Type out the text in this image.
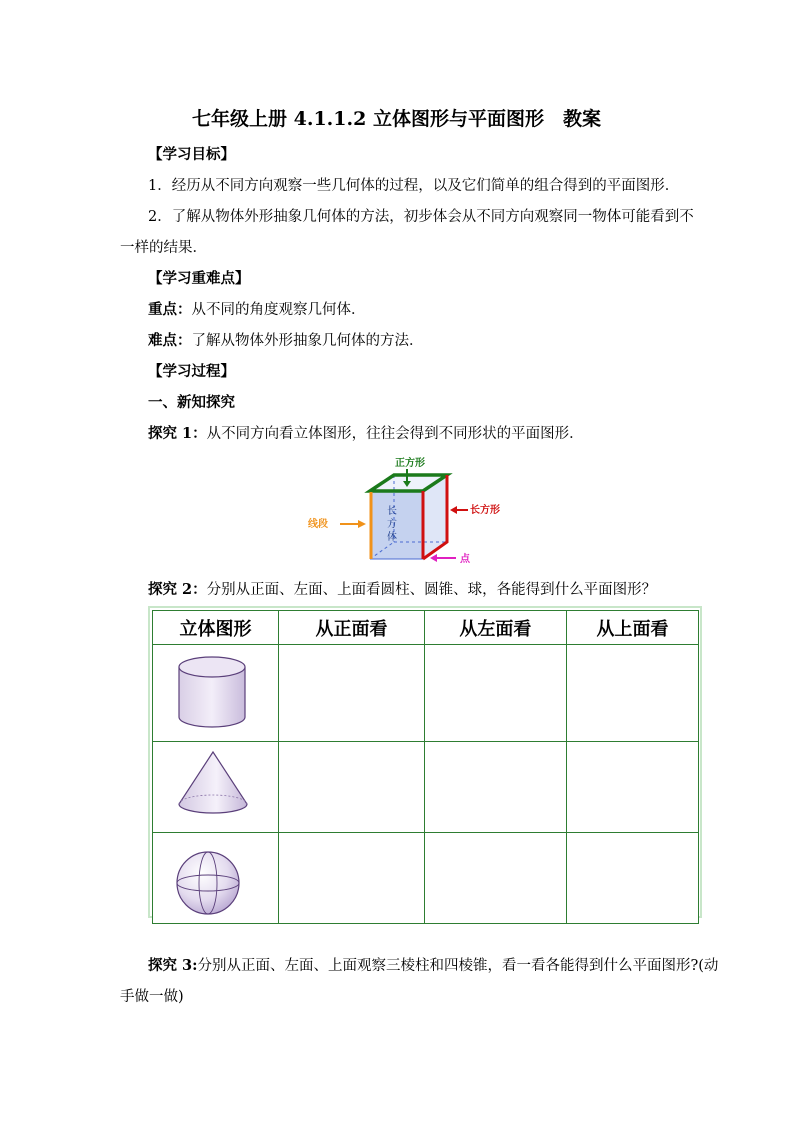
七年级上册 4.1.1.2 立体图形与平面图形　教案
【学习目标】
1．经历从不同方向观察一些几何体的过程，以及它们简单的组合得到的平面图形．
2．了解从物体外形抽象几何体的方法，初步体会从不同方向观察同一物体可能看到不
一样的结果．
【学习重难点】
重点：从不同的角度观察几何体．
难点：了解从物体外形抽象几何体的方法．
【学习过程】
一、新知探究
探究 1：从不同方向看立体图形，往往会得到不同形状的平面图形．
长
方
体
正方形
长方形
线段
点
探究 2：分别从正面、左面、上面看圆柱、圆锥、球，各能得到什么平面图形？
立体图形	从正面看	从左面看	从上面看

探究 3:分别从正面、左面、上面观察三棱柱和四棱锥，看一看各能得到什么平面图形?(动
手做一做)
